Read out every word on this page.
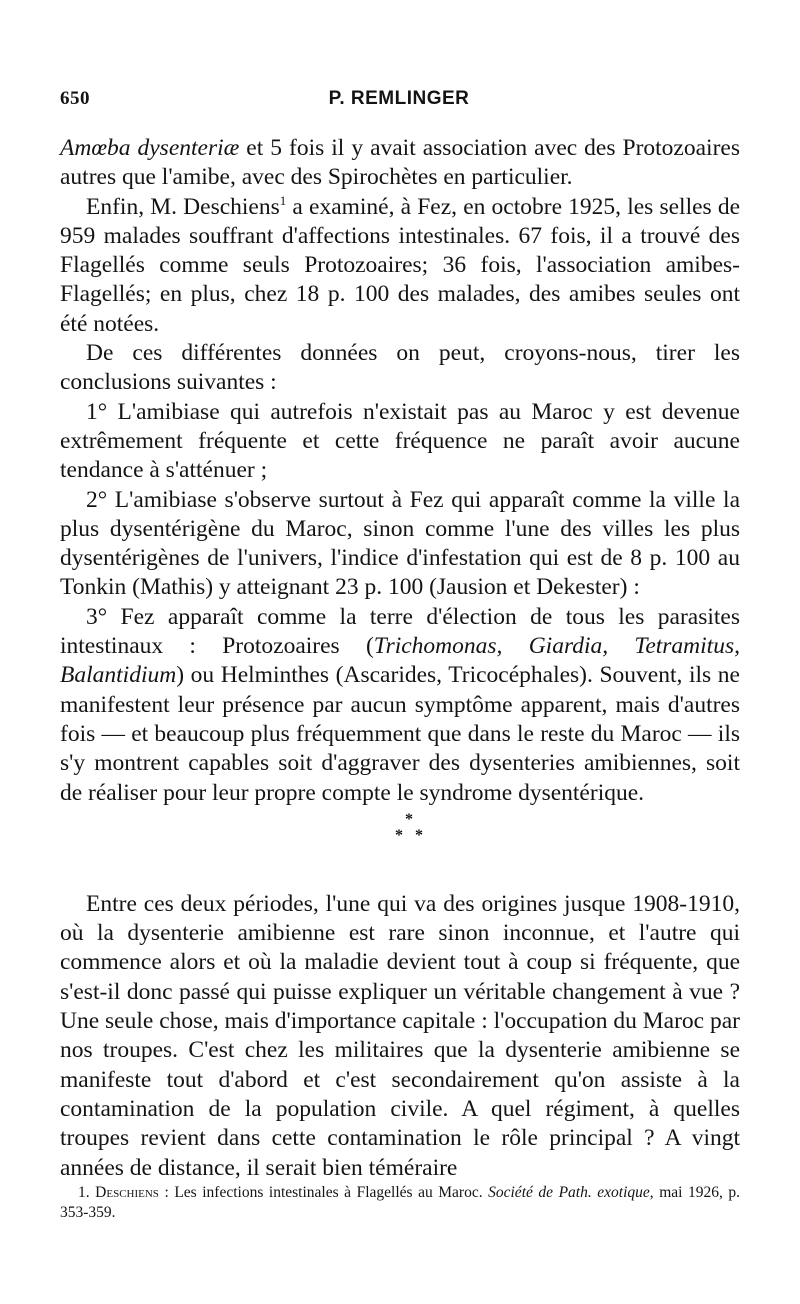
650	P. REMLINGER

Amœba dysenteriæ et 5 fois il y avait association avec des Protozoaires autres que l'amibe, avec des Spirochètes en particulier.

Enfin, M. Deschiens$^1$ a examiné, à Fez, en octobre 1925, les selles de 959 malades souffrant d'affections intestinales. 67 fois, il a trouvé des Flagellés comme seuls Protozoaires; 36 fois, l'association amibes-Flagellés; en plus, chez 18 p. 100 des malades, des amibes seules ont été notées.

De ces différentes données on peut, croyons-nous, tirer les conclusions suivantes :

1° L'amibiase qui autrefois n'existait pas au Maroc y est devenue extrêmement fréquente et cette fréquence ne paraît avoir aucune tendance à s'atténuer ;

2° L'amibiase s'observe surtout à Fez qui apparaît comme la ville la plus dysentérigène du Maroc, sinon comme l'une des villes les plus dysentérigènes de l'univers, l'indice d'infestation qui est de 8 p. 100 au Tonkin (Mathis) y atteignant 23 p. 100 (Jausion et Dekester) :

3° Fez apparaît comme la terre d'élection de tous les parasites intestinaux : Protozoaires (Trichomonas, Giardia, Tetramitus, Balantidium) ou Helminthes (Ascarides, Tricocéphales). Souvent, ils ne manifestent leur présence par aucun symptôme apparent, mais d'autres fois — et beaucoup plus fréquemment que dans le reste du Maroc — ils s'y montrent capables soit d'aggraver des dysenteries amibiennes, soit de réaliser pour leur propre compte le syndrome dysentérique.

*
* *

Entre ces deux périodes, l'une qui va des origines jusque 1908-1910, où la dysenterie amibienne est rare sinon inconnue, et l'autre qui commence alors et où la maladie devient tout à coup si fréquente, que s'est-il donc passé qui puisse expliquer un véritable changement à vue ? Une seule chose, mais d'importance capitale : l'occupation du Maroc par nos troupes. C'est chez les militaires que la dysenterie amibienne se manifeste tout d'abord et c'est secondairement qu'on assiste à la contamination de la population civile. A quel régiment, à quelles troupes revient dans cette contamination le rôle principal ? A vingt années de distance, il serait bien téméraire

1. Deschiens : Les infections intestinales à Flagellés au Maroc. Société de Path. exotique, mai 1926, p. 353-359.
